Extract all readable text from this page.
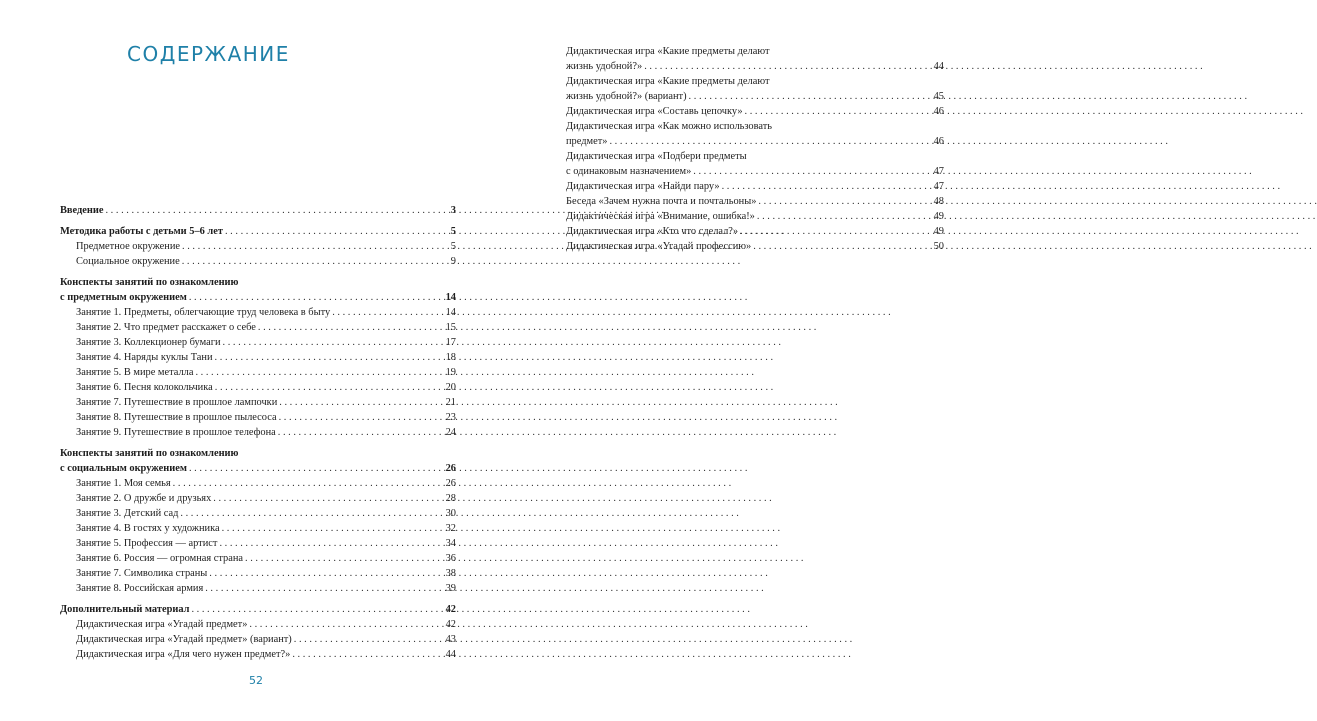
СОДЕРЖАНИЕ
Введение . . .	3
Методика работы с детьми 5–6 лет . . .	5
Предметное окружение . . .	5
Социальное окружение . . .	9
Конспекты занятий по ознакомлению
с предметным окружением . . .	14
Занятие 1. Предметы, облегчающие труд человека в быту . . .	14
Занятие 2. Что предмет расскажет о себе . . .	15
Занятие 3. Коллекционер бумаги . . .	17
Занятие 4. Наряды куклы Тани . . .	18
Занятие 5. В мире металла . . .	19
Занятие 6. Песня колокольчика . . .	20
Занятие 7. Путешествие в прошлое лампочки . . .	21
Занятие 8. Путешествие в прошлое пылесоса . . .	23
Занятие 9. Путешествие в прошлое телефона . . .	24
Конспекты занятий по ознакомлению
с социальным окружением . . .	26
Занятие 1. Моя семья . . .	26
Занятие 2. О дружбе и друзьях . . .	28
Занятие 3. Детский сад . . .	30
Занятие 4. В гостях у художника . . .	32
Занятие 5. Профессия — артист . . .	34
Занятие 6. Россия — огромная страна . . .	36
Занятие 7. Символика страны . . .	38
Занятие 8. Российская армия . . .	39
Дополнительный материал . . .	42
Дидактическая игра «Угадай предмет» . . .	42
Дидактическая игра «Угадай предмет» (вариант) . . .	43
Дидактическая игра «Для чего нужен предмет?» . . .	44
Дидактическая игра «Какие предметы делают
жизнь удобной?» . . .	44
Дидактическая игра «Какие предметы делают
жизнь удобной?» (вариант) . . .	45
Дидактическая игра «Составь цепочку» . . .	46
Дидактическая игра «Как можно использовать
предмет» . . .	46
Дидактическая игра «Подбери предметы
с одинаковым назначением» . . .	47
Дидактическая игра «Найди пару» . . .	47
Беседа «Зачем нужна почта и почтальоны» . . .	48
Дидактическая игра «Внимание, ошибка!» . . .	49
Дидактическая игра «Кто что сделал?» . . .	49
Дидактическая игра «Угадай профессию» . . .	50
52
